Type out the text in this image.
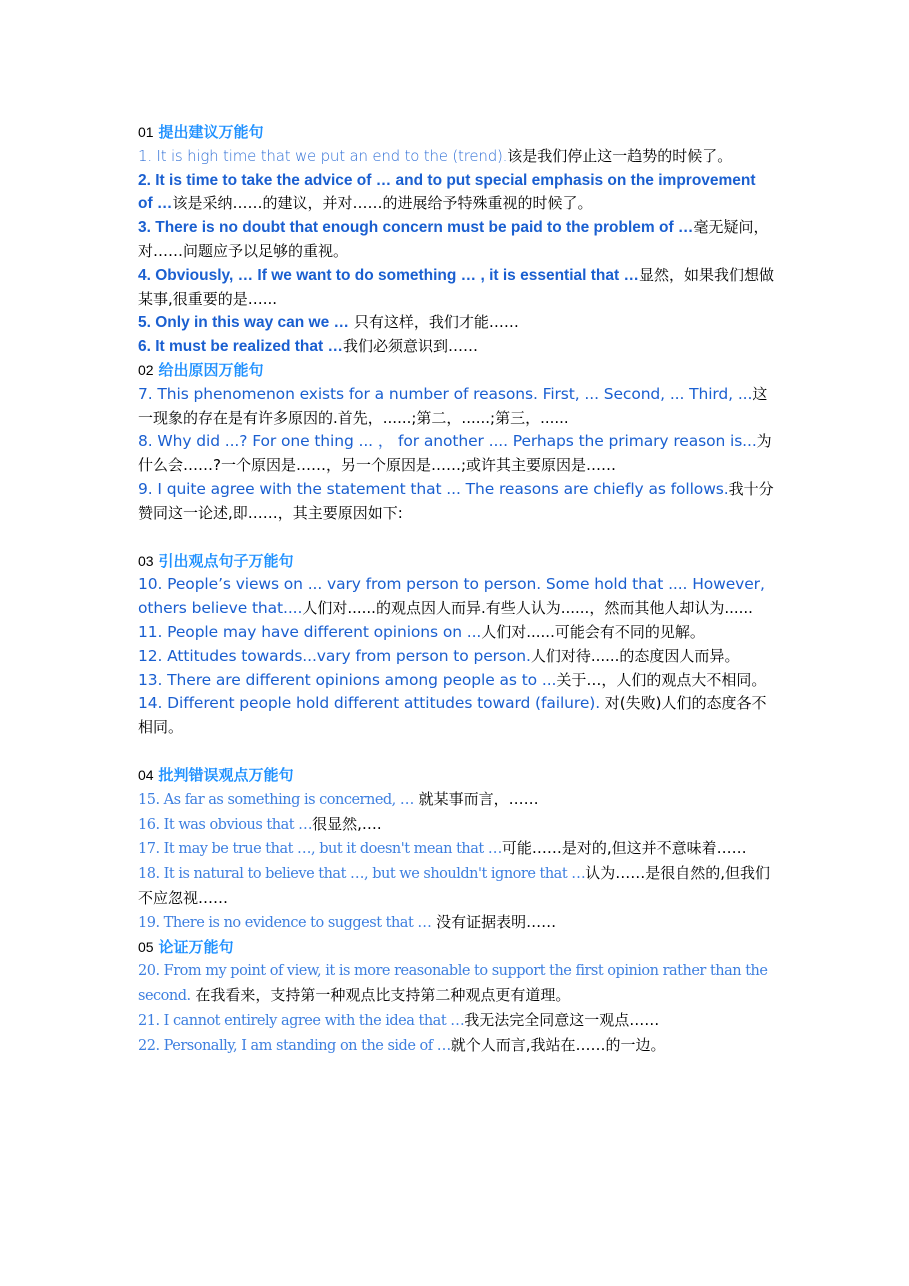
01 提出建议万能句
1. It is high time that we put an end to the (trend).该是我们停止这一趋势的时候了。
2. It is time to take the advice of … and to put special emphasis on the improvement of …该是采纳……的建议，并对……的进展给予特殊重视的时候了。
3. There is no doubt that enough concern must be paid to the problem of …毫无疑问，对……问题应予以足够的重视。
4. Obviously, … If we want to do something … , it is essential that …显然，如果我们想做某事,很重要的是…...
5. Only in this way can we … 只有这样，我们才能……
6. It must be realized that …我们必须意识到……
02 给出原因万能句
7. This phenomenon exists for a number of reasons. First, ... Second, ... Third, ...这一现象的存在是有许多原因的.首先，......;第二，......;第三，......
8. Why did ...? For one thing ... ， for another .... Perhaps the primary reason is...为什么会……?一个原因是……，另一个原因是……;或许其主要原因是……
9. I quite agree with the statement that ... The reasons are chiefly as follows.我十分赞同这一论述,即……，其主要原因如下:
03 引出观点句子万能句
10. People’s views on ... vary from person to person. Some hold that .... However, others believe that....人们对......的观点因人而异.有些人认为......，然而其他人却认为......
11. People may have different opinions on ...人们对......可能会有不同的见解。
12. Attitudes towards...vary from person to person.人们对待......的态度因人而异。
13. There are different opinions among people as to ...关于…，人们的观点大不相同。
14. Different people hold different attitudes toward (failure). 对(失败)人们的态度各不相同。
04 批判错误观点万能句
15. As far as something is concerned, … 就某事而言，……
16. It was obvious that …很显然,….
17. It may be true that …, but it doesn't mean that …可能……是对的,但这并不意味着……
18. It is natural to believe that …, but we shouldn't ignore that …认为……是很自然的,但我们不应忽视……
19. There is no evidence to suggest that … 没有证据表明……
05 论证万能句
20. From my point of view, it is more reasonable to support the first opinion rather than the second. 在我看来，支持第一种观点比支持第二种观点更有道理。
21. I cannot entirely agree with the idea that …我无法完全同意这一观点……
22. Personally, I am standing on the side of …就个人而言,我站在……的一边。
